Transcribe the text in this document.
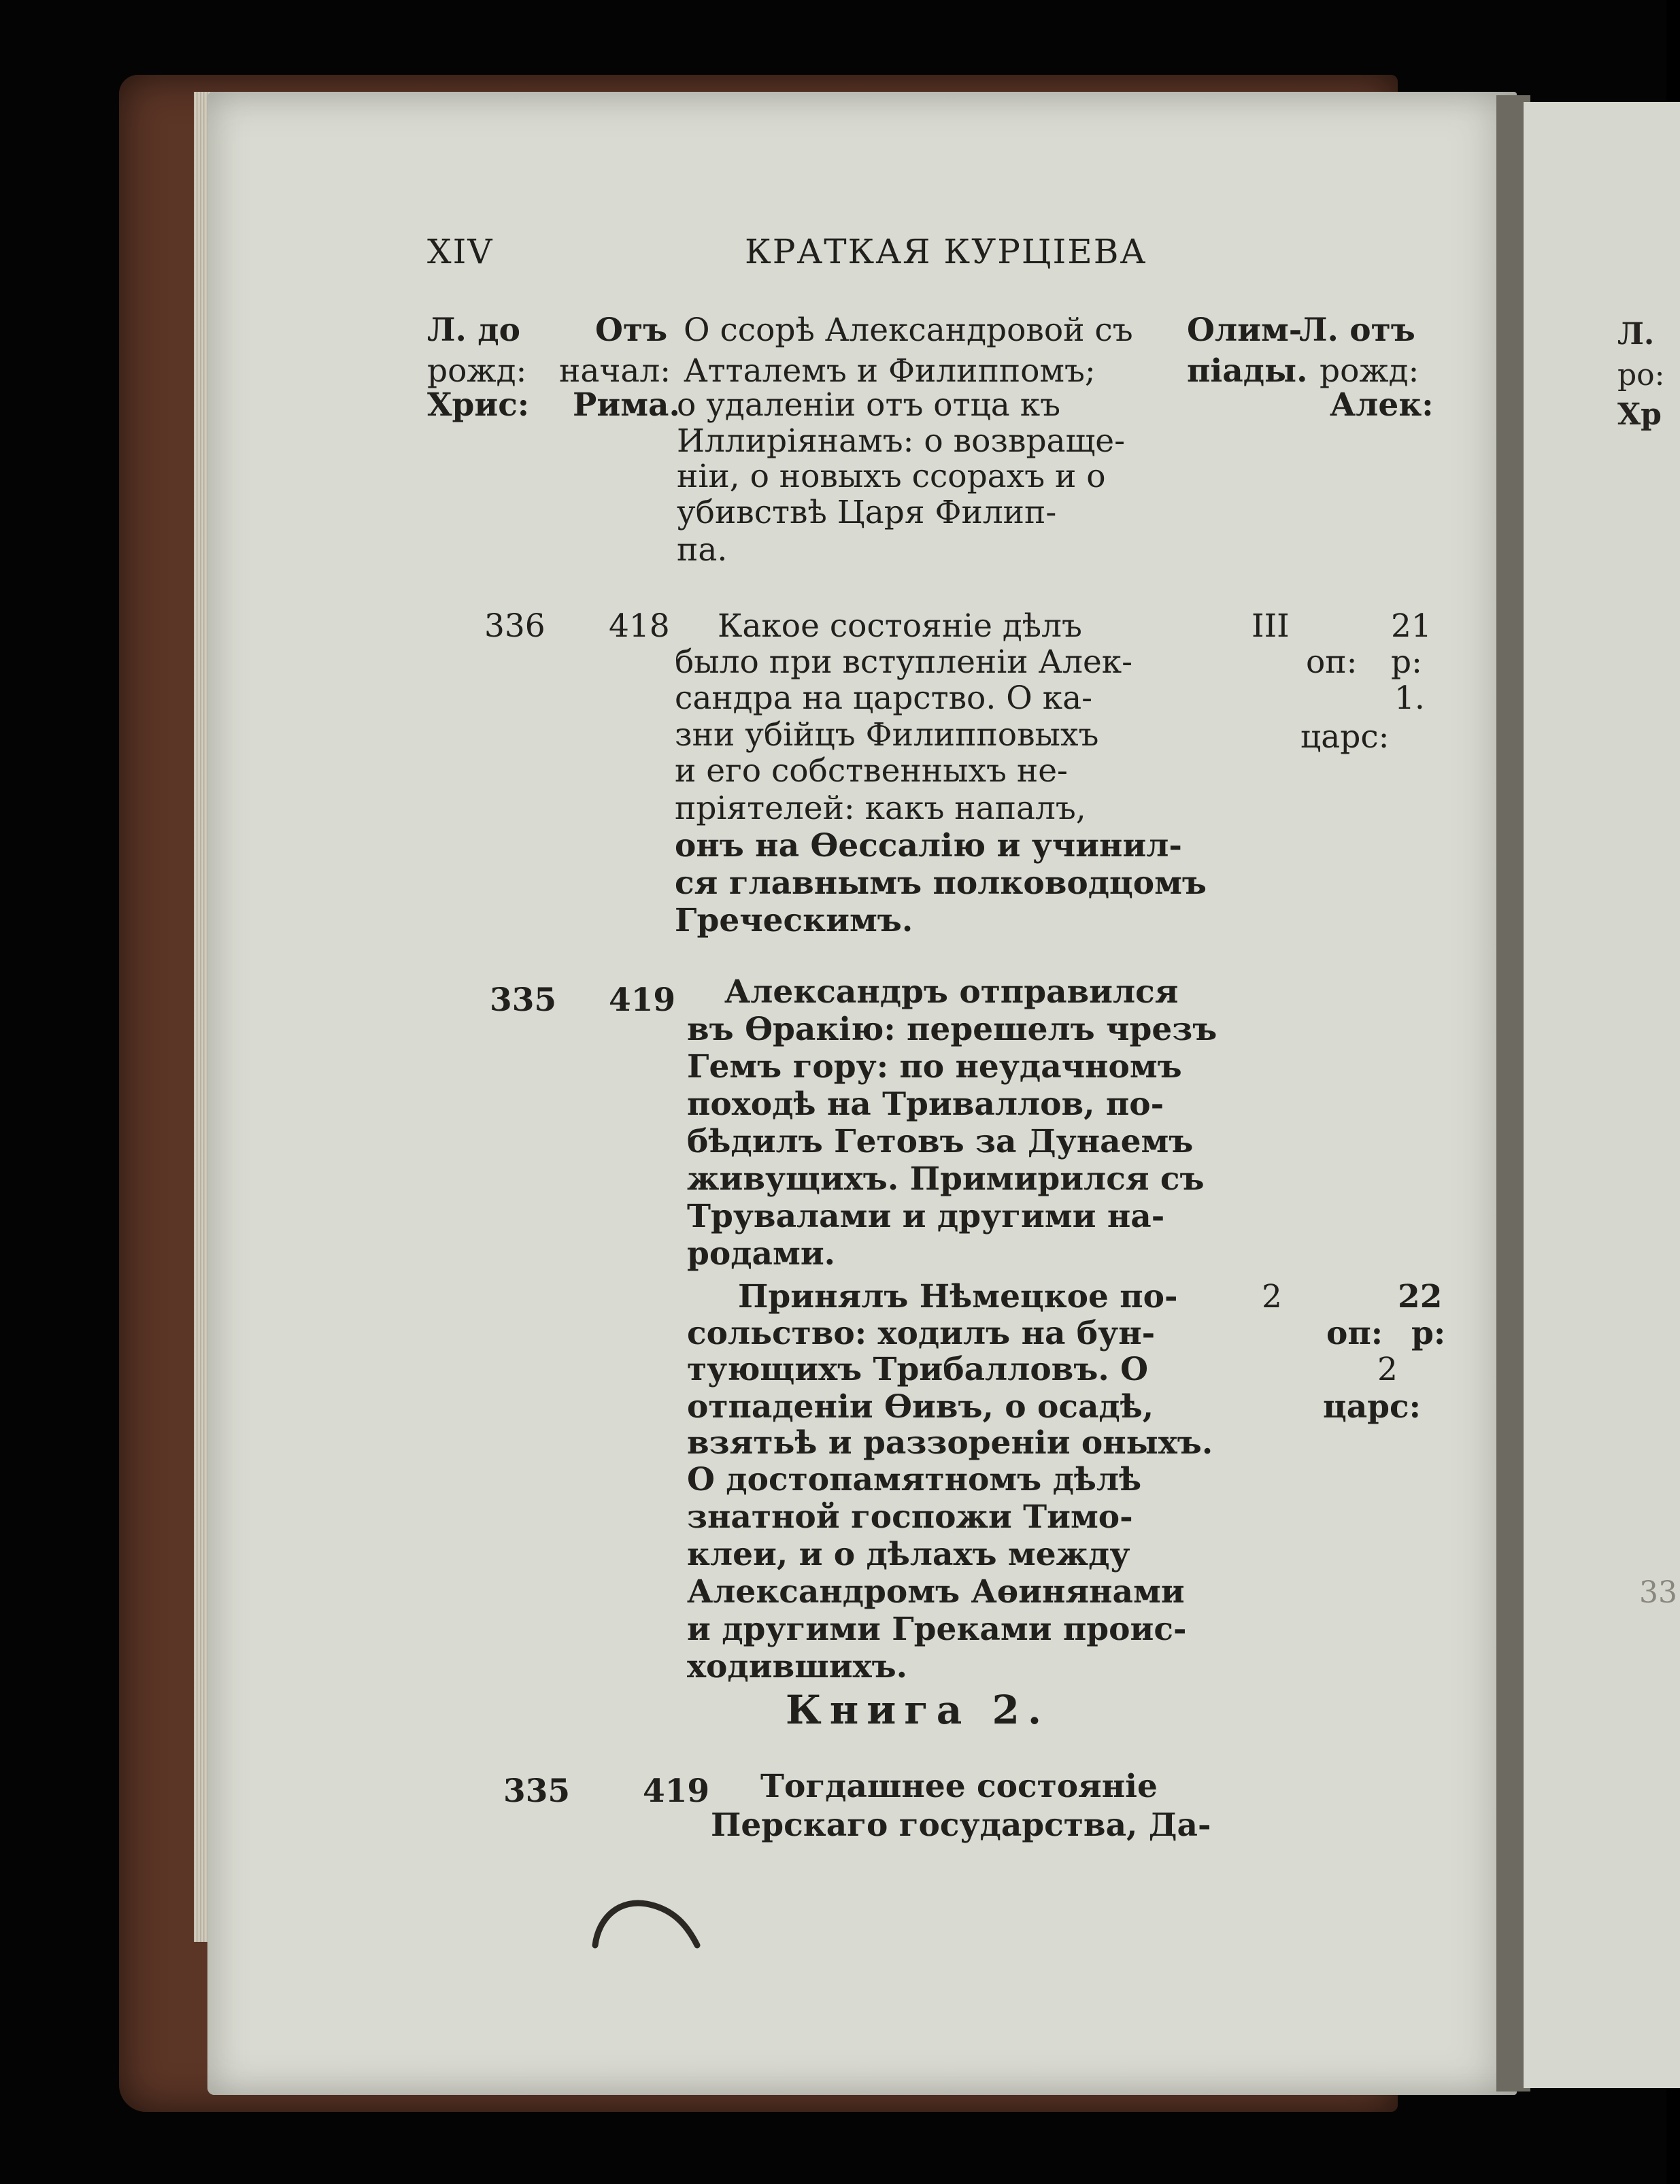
Л.
ро:
Хр
33
XIV	КРАТКАЯ КУРЦІЕВА
Л. до
рожд:
Хрис:
Отъ
начал:
Рима.
Олим-
піады.
Л. отъ
рожд:
Алек:
О ссорѣ Александровой съ
Атталемъ и Филиппомъ;
о удаленіи отъ отца къ
Иллирiянамъ: о возвраще-
ніи, о новыхъ ссорахъ и о
убивствѣ Царя Филип-
па.
336 418	III
оп:
21
р:
1.
царс:
Какое состояніе дѣлъ
было при вступленіи Алек-
сандра на царство. О ка-
зни убійцъ Филипповыхъ
и его собственныхъ не-
прiятелей: какъ напалъ,
онъ на Өессалію и учинил-
ся главнымъ полководцомъ
Греческимъ.
335 419 Александръ отправился
въ Өракію: перешелъ чрезъ
Гемъ гору: по неудачномъ
походѣ на Триваллов, по-
бѣдилъ Гетовъ за Дунаемъ
живущихъ. Примирился съ
Трувалами и другими на-
родами.
2
оп:
22
р:
2
царс:
Принялъ Нѣмецкое по-
сольство: ходилъ на бун-
тующихъ Трибалловъ. О
отпаденіи Өивъ, о осадѣ,
взятьѣ и раззореніи оныхъ.
О достопамятномъ дѣлѣ
знатной госпожи Тимо-
клеи, и о дѣлахъ между
Александромъ Аөинянами
и другими Греками проис-
ходившихъ.
Книга 2.
335 419 Тогдашнее состояніе
Перскаго государства, Да-
